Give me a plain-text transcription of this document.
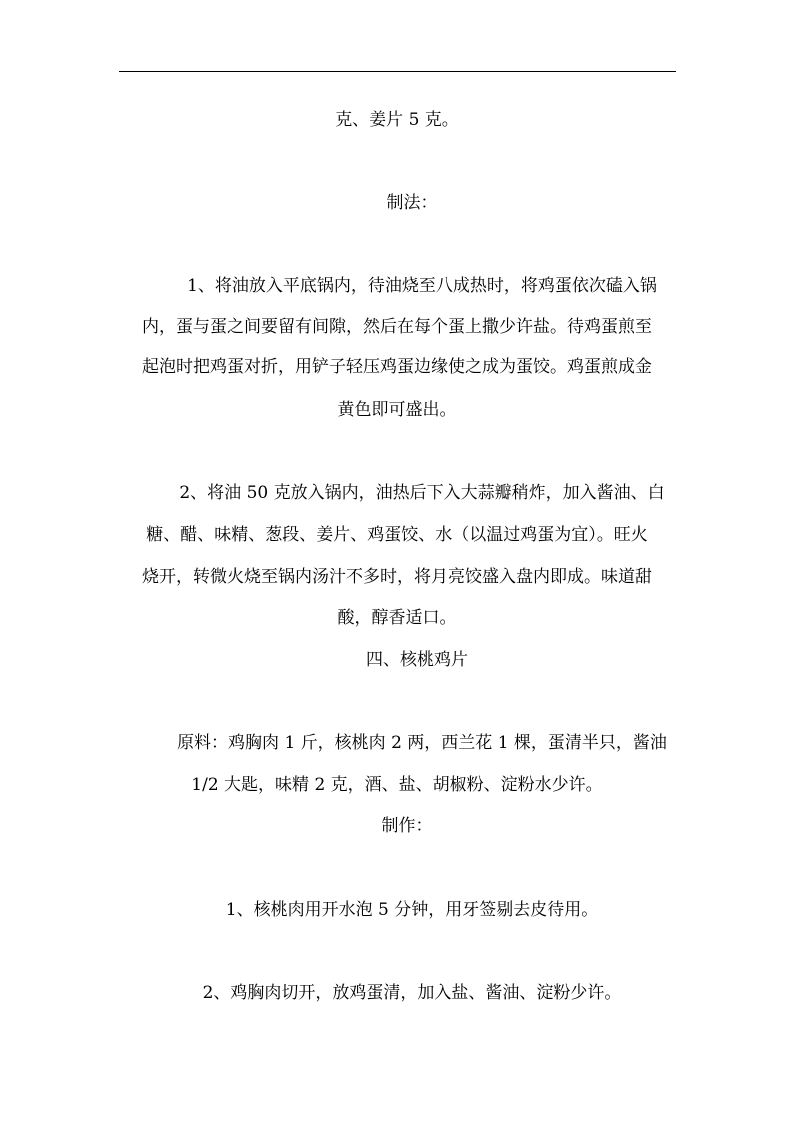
克、姜片 5 克。
制法：
1、将油放入平底锅内，待油烧至八成热时，将鸡蛋依次磕入锅
内，蛋与蛋之间要留有间隙，然后在每个蛋上撒少许盐。待鸡蛋煎至
起泡时把鸡蛋对折，用铲子轻压鸡蛋边缘使之成为蛋饺。鸡蛋煎成金
黄色即可盛出。
2、将油 50 克放入锅内，油热后下入大蒜瓣稍炸，加入酱油、白
糖、醋、味精、葱段、姜片、鸡蛋饺、水（以温过鸡蛋为宜）。旺火
烧开，转微火烧至锅内汤汁不多时，将月亮饺盛入盘内即成。味道甜
酸，醇香适口。
四、核桃鸡片
原料：鸡胸肉 1 斤，核桃肉 2 两，西兰花 1 棵，蛋清半只，酱油
1/2 大匙，味精 2 克，酒、盐、胡椒粉、淀粉水少许。
制作：
1、核桃肉用开水泡 5 分钟，用牙签剔去皮待用。
2、鸡胸肉切开，放鸡蛋清，加入盐、酱油、淀粉少许。
